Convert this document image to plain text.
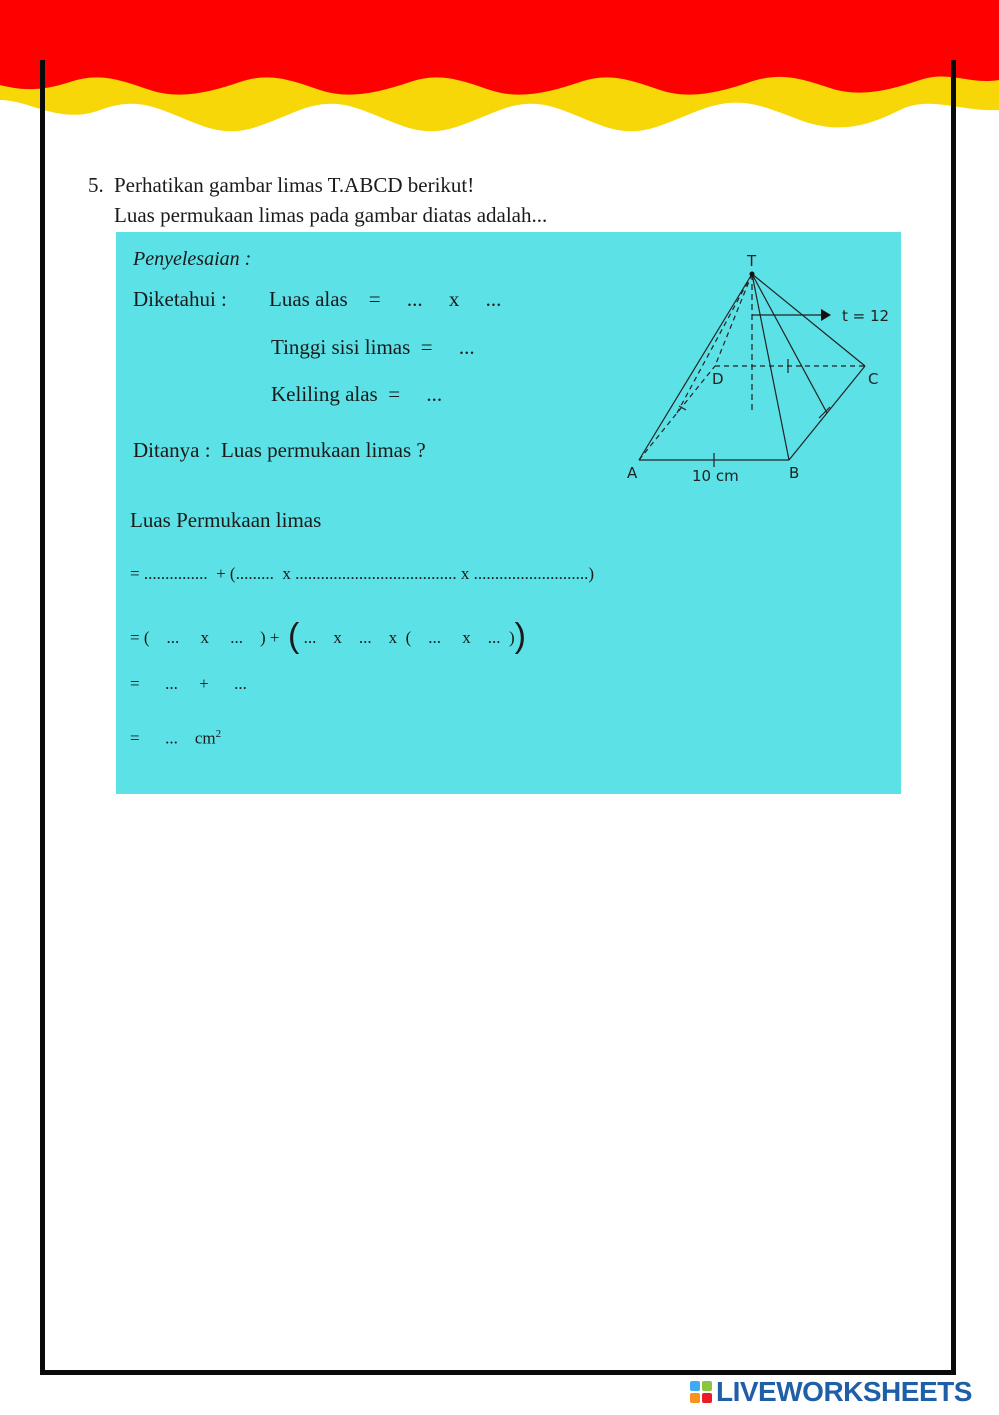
5. Perhatikan gambar limas T.ABCD berikut!
Luas permukaan limas pada gambar diatas adalah...
Penyelesaian :
Diketahui : Luas alas    =     ...     x     ...
Tinggi sisi limas  =     ...
Keliling alas  =     ...
Ditanya :  Luas permukaan limas ?
Luas Permukaan limas
= ...............  + (.........  x ...................................... x ...........................)
= (    ...     x     ...    ) + ( ...    x    ...    x  (    ...     x    ...  ))
=      ...     +      ...
=      ...    $cm^2$
T
t = 12
A	B
C
D
10 cm
LIVEWORKSHEETS
